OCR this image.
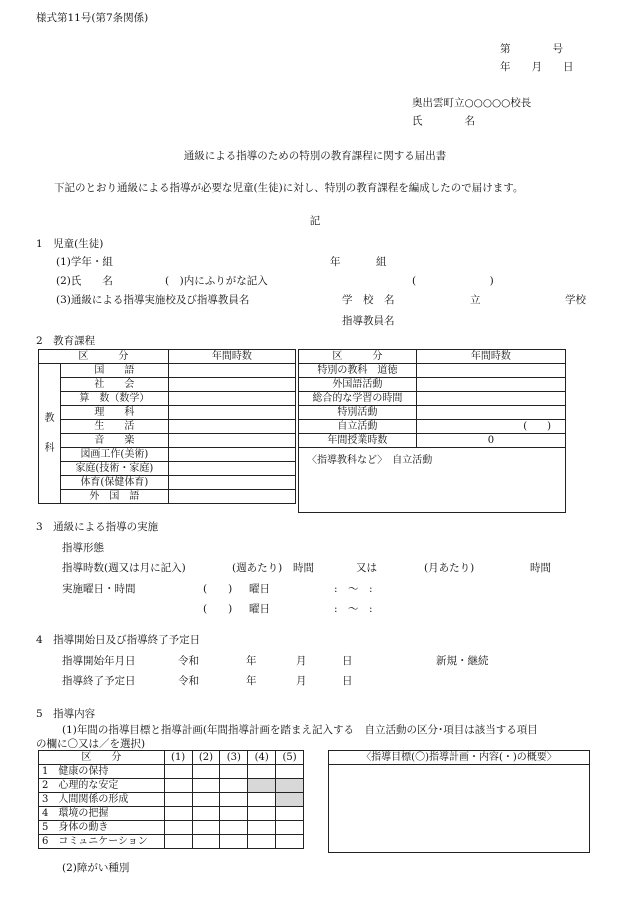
様式第11号(第7条関係)
第　　　　号
年　　月　　日
奥出雲町立○○○○○校長
氏　　　　名
通級による指導のための特別の教育課程に関する届出書
下記のとおり通級による指導が必要な児童(生徒)に対し、特別の教育課程を編成したので届けます。
記
1　児童(生徒)
(1)学年・組	年	組
(2)氏　　名	(　)内にふりがな記入	(　　　　　　　)
(3)通級による指導実施校及び指導教員名	学　校　名	立	学校
指導教員名
2　教育課程
区　　　分		年間時数
教

科	国　　語	
	社　　会	
	算　数（数学）	
	理　　科	
	生　　活	
	音　　楽	
	図画工作(美術)	
	家庭(技術・家庭)	
	体育(保健体育)	
	外　国　語	
区　　　分	年間時数
特別の教科　道徳	
外国語活動	
総合的な学習の時間	
特別活動	
自立活動	(　　)
年間授業時数	0
〈指導教科など〉　自立活動	
3　通級による指導の実施
指導形態
指導時数(週又は月に記入)	(週あたり) 時間	又は	(月あたり)	時間
実施曜日・時間	(　　) 曜日	:　〜　:
(　　) 曜日	:　〜　:
4　指導開始日及び指導終了予定日
指導開始年月日	令和	年	月	日	新規・継続
指導終了予定日	令和	年	月	日
5　指導内容
(1)年間の指導目標と指導計画(年間指導計画を踏まえ記入する　自立活動の区分･項目は該当する項目
の欄に〇又は／を選択)
区　　分	(1)	(2)	(3)	(4)	(5)
1　健康の保持					
2　心理的な安定					
3　人間関係の形成					
4　環境の把握					
5　身体の動き					
6　コミュニケーション					
〈指導目標(〇)指導計画・内容(・)の概要〉

(2)障がい種別
